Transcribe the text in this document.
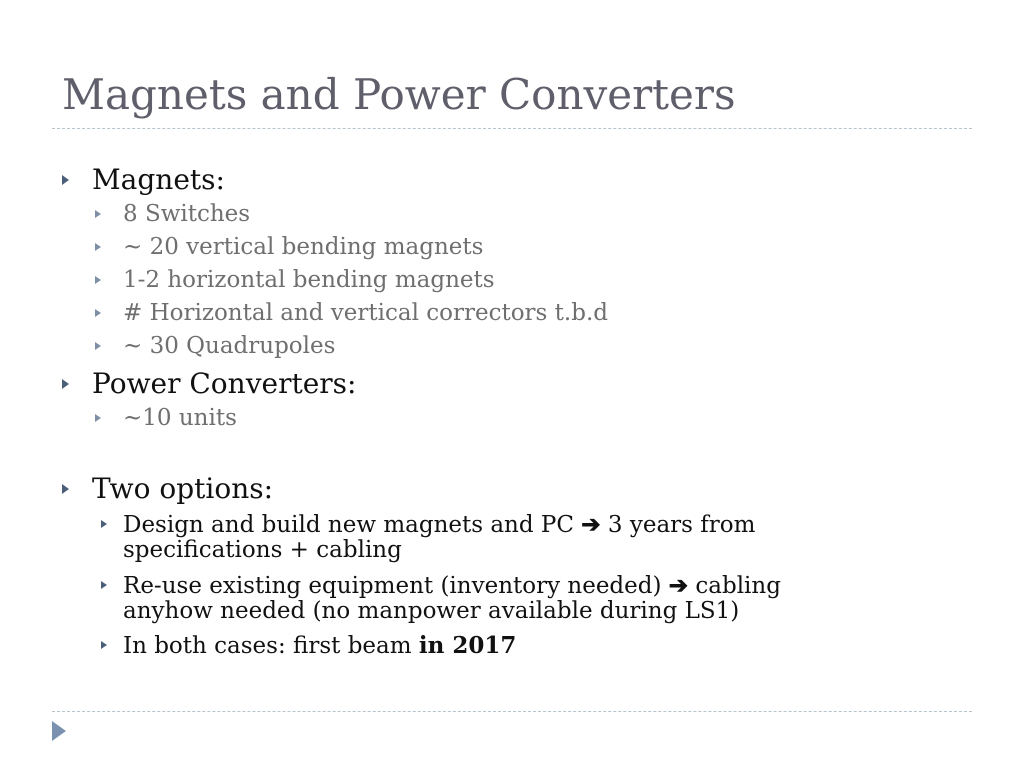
Magnets and Power Converters
Magnets:
8 Switches
~ 20 vertical bending magnets
1-2 horizontal bending magnets
# Horizontal and vertical correctors t.b.d
~ 30 Quadrupoles
Power Converters:
~10 units
Two options:
Design and build new magnets and PC ➔ 3 years from
specifications + cabling
Re-use existing equipment (inventory needed) ➔ cabling
anyhow needed (no manpower available during LS1)
In both cases: first beam in 2017
